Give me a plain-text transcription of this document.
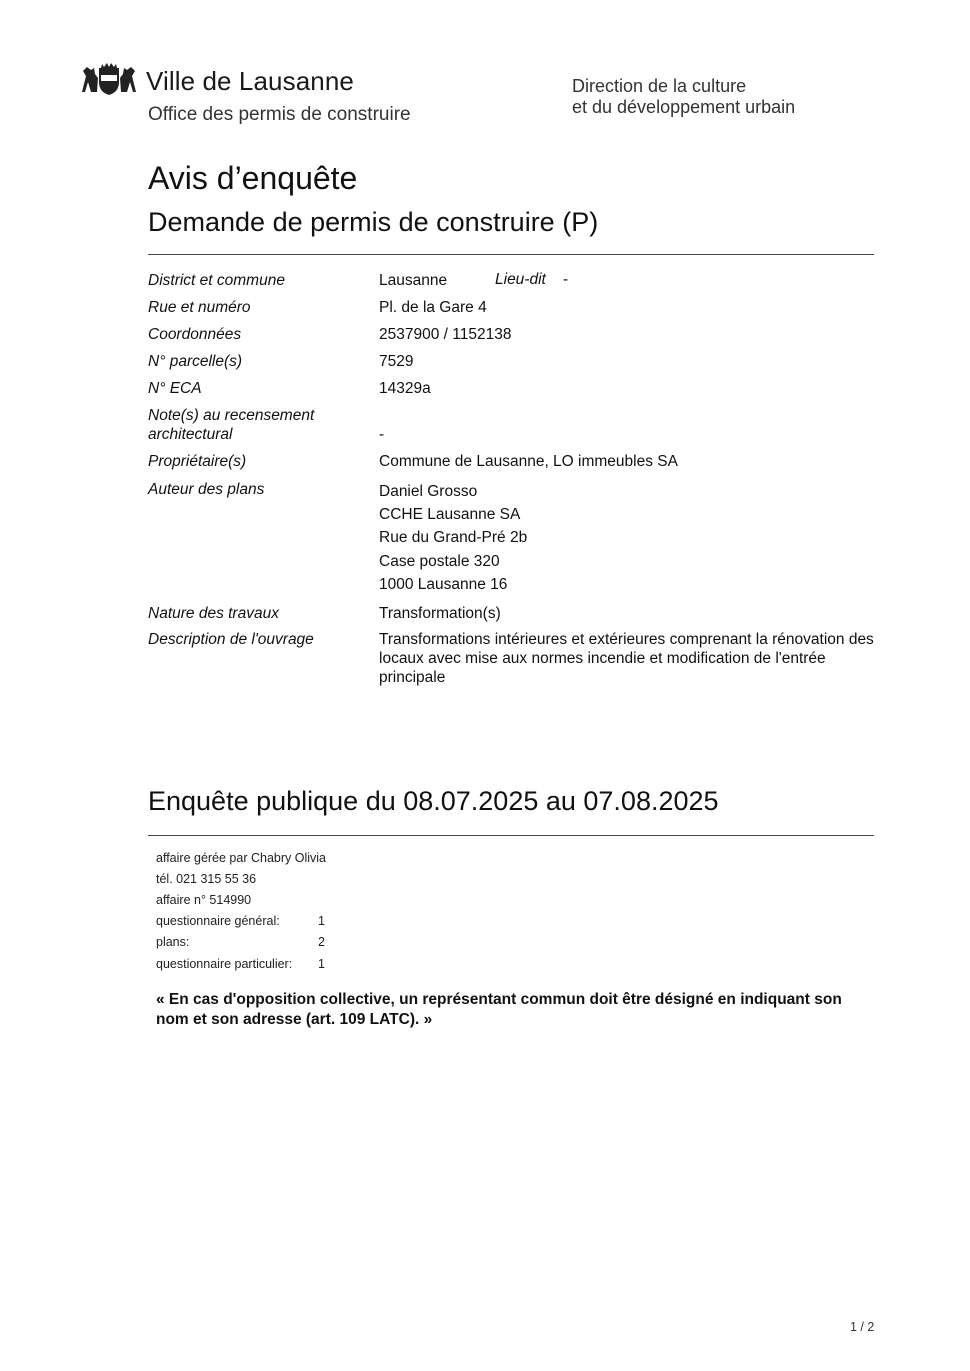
Ville de Lausanne
Office des permis de construire
Direction de la culture
et du développement urbain
Avis d’enquête
Demande de permis de construire (P)
District et commune	Lausanne	Lieu-dit -
Rue et numéro	Pl. de la Gare 4
Coordonnées	2537900 / 1152138
N° parcelle(s)	7529
N° ECA	14329a
Note(s) au recensement
architectural	-
Propriétaire(s)	Commune de Lausanne, LO immeubles SA
Auteur des plans	Daniel Grosso
CCHE Lausanne SA
Rue du Grand-Pré 2b
Case postale 320
1000 Lausanne 16
Nature des travaux	Transformation(s)
Description de l'ouvrage	Transformations intérieures et extérieures comprenant la rénovation des locaux avec mise aux normes incendie et modification de l'entrée principale
Enquête publique du 08.07.2025 au 07.08.2025
affaire gérée par Chabry Olivia
tél. 021 315 55 36
affaire n° 514990
questionnaire général:	1
plans:	2
questionnaire particulier: 1
« En cas d'opposition collective, un représentant commun doit être désigné en indiquant son nom et son adresse (art. 109 LATC). »
1 / 2
